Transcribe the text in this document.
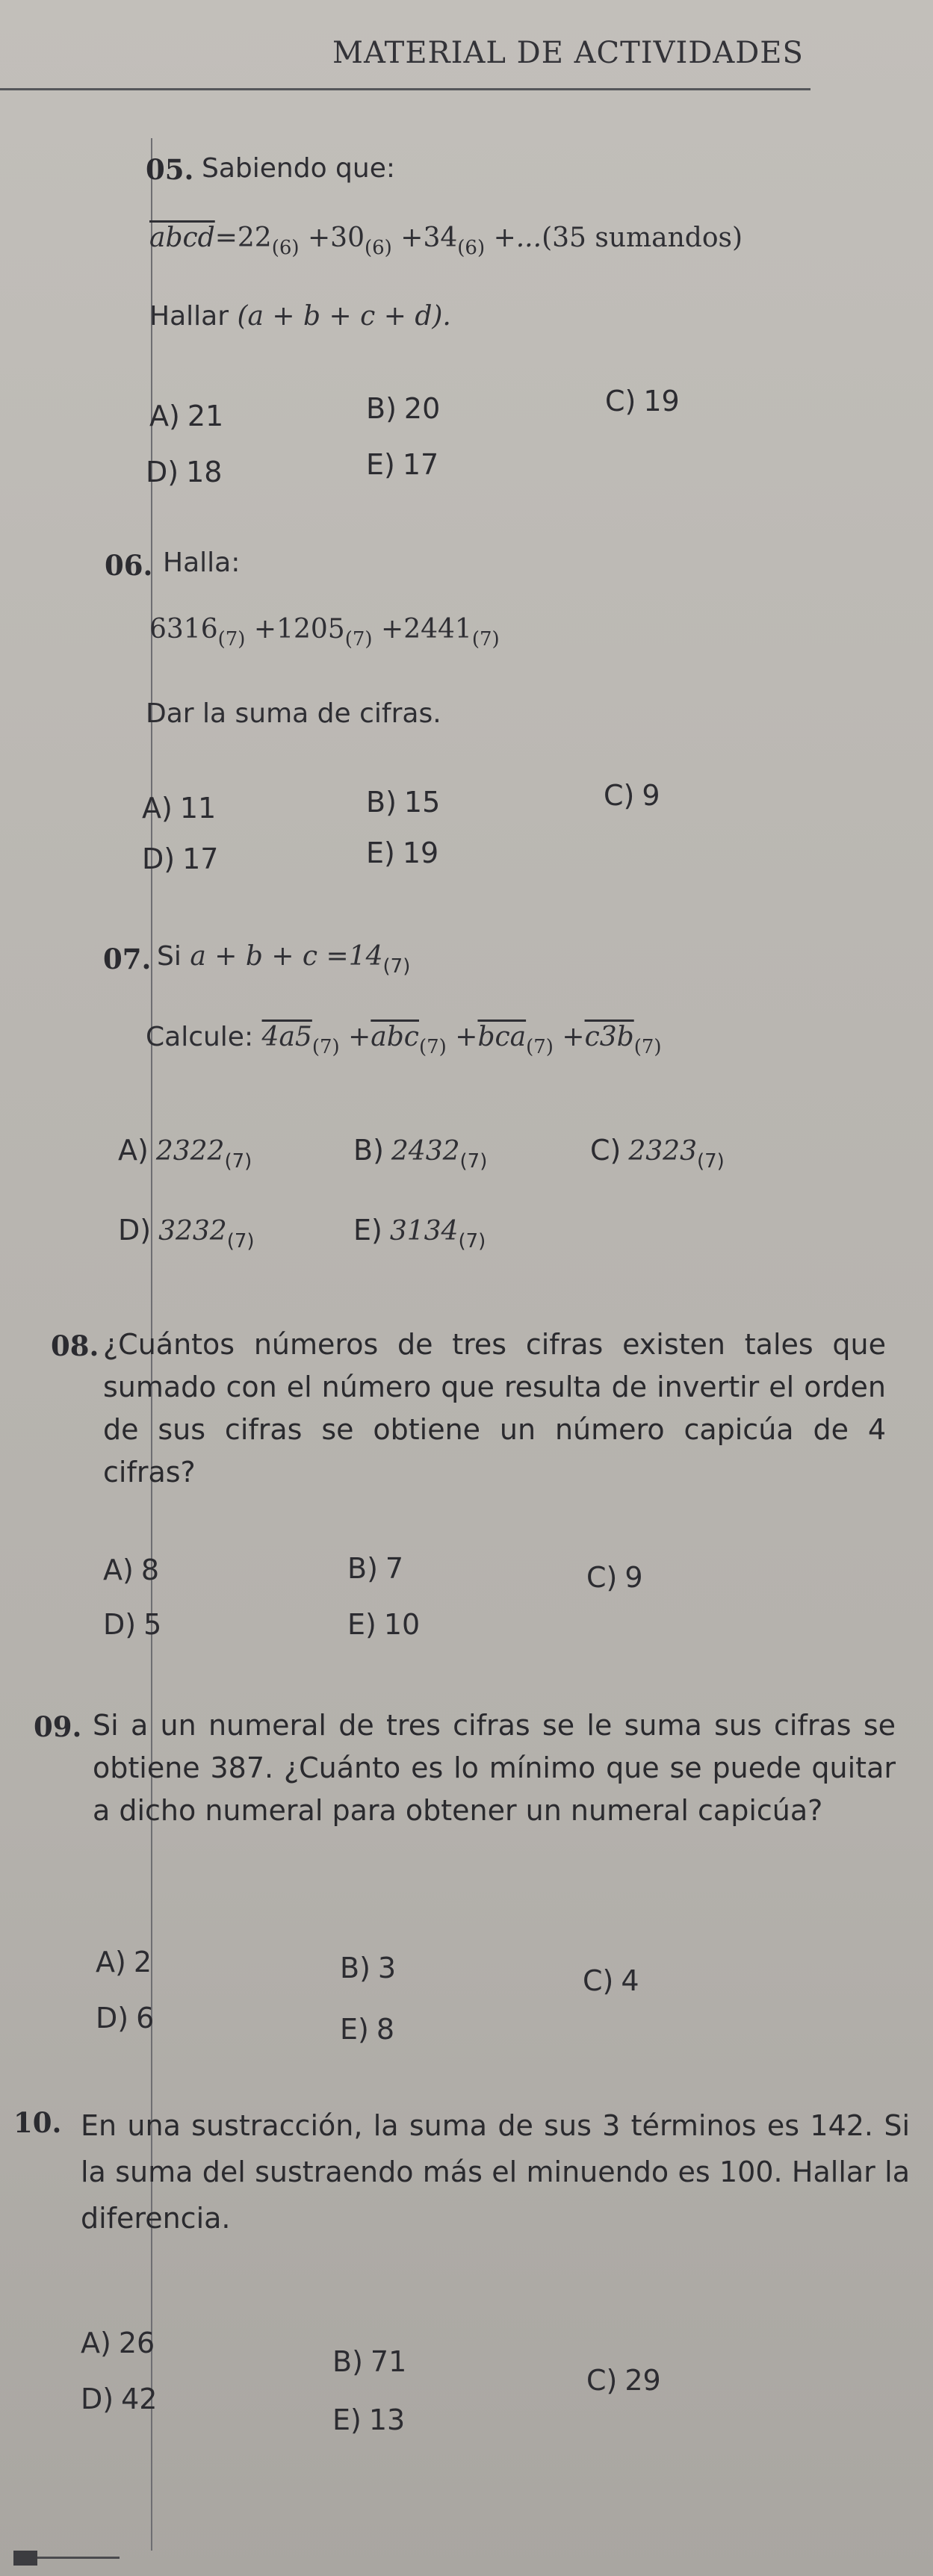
MATERIAL DE ACTIVIDADES
05. Sabiendo que:
$abcd=22_{(6)} +30_{(6)} +34_{(6)} +...(35$ sumandos)
Hallar (a + b + c + d).
A) 21	B) 20	C) 19
D) 18	E) 17
06. Halla:
$6316_{(7)} +1205_{(7)} +2441_{(7)}$
Dar la suma de cifras.
A) 11	B) 15	C) 9
D) 17	E) 19
07. Si $a + b + c =14_{(7)}$
Calcule: $4a5_{(7)} +\overline{abc}_{(7)} +\overline{bca}_{(7)} +c3b_{(7)}$
A) $2322_{(7)}$	B) $2432_{(7)}$	C) $2323_{(7)}$
D) $3232_{(7)}$	E) $3134_{(7)}$
08. ¿Cuántos números de tres cifras existen tales que sumado con el número que resulta de invertir el orden de sus cifras se obtiene un número capicúa de 4 cifras?
A) 8	B) 7	C) 9
D) 5	E) 10
09. Si a un numeral de tres cifras se le suma sus cifras se obtiene 387. ¿Cuánto es lo mínimo que se puede quitar a dicho numeral para obtener un numeral capicúa?
A) 2	B) 3	C) 4
D) 6	E) 8
10. En una sustracción, la suma de sus 3 términos es 142. Si la suma del sustraendo más el minuendo es 100. Hallar la diferencia.
A) 26
B) 71
C) 29
D) 42
E) 13
